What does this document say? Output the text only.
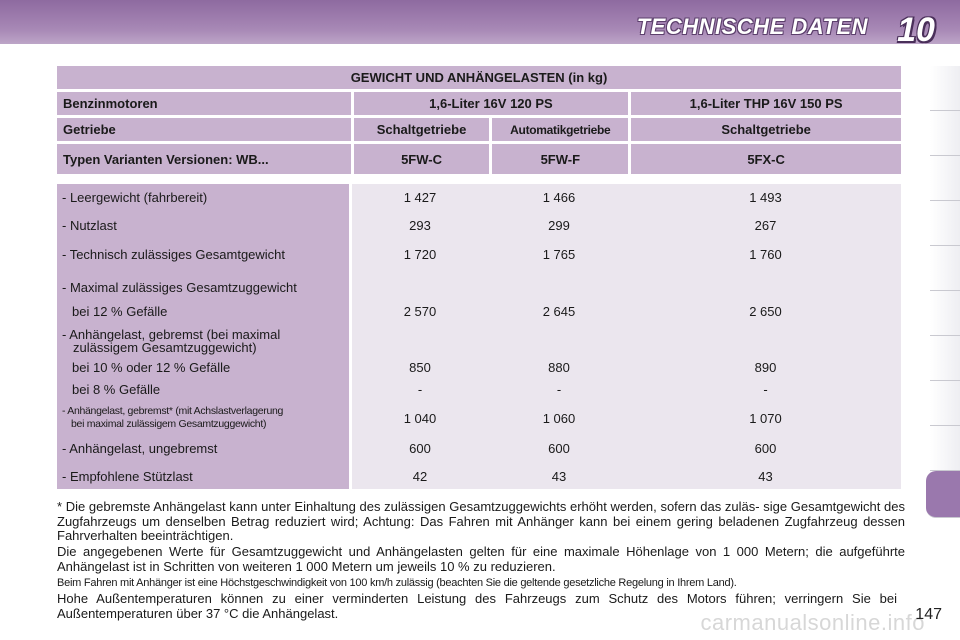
TECHNISCHE DATEN 10
GEWICHT UND ANHÄNGELASTEN (in kg)			
Benzinmotoren	1,6-Liter 16V 120 PS		1,6-Liter THP 16V 150 PS
Getriebe	Schaltgetriebe	Automatikgetriebe	Schaltgetriebe
Typen Varianten Versionen: WB...	5FW-C	5FW-F	5FX-C
- Leergewicht (fahrbereit)	1 427	1 466	1 493
- Nutzlast	293	299	267
- Technisch zulässiges Gesamtgewicht	1 720	1 765	1 760
- Maximal zulässiges Gesamtzuggewicht
bei 12 % Gefälle	2 570	2 645	2 650
- Anhängelast, gebremst (bei maximal
zulässigem Gesamtzuggewicht)
bei 10 % oder 12 % Gefälle	850	880	890
bei 8 % Gefälle	-	-	-
- Anhängelast, gebremst* (mit Achslastverlagerung
bei maximal zulässigem Gesamtzuggewicht)	1 040	1 060	1 070
- Anhängelast, ungebremst	600	600	600
- Empfohlene Stützlast	42	43	43
* Die gebremste Anhängelast kann unter Einhaltung des zulässigen Gesamtzuggewichts erhöht werden, sofern das zuläs- sige Gesamtgewicht des Zugfahrzeugs um denselben Betrag reduziert wird; Achtung: Das Fahren mit Anhänger kann bei einem gering beladenen Zugfahrzeug dessen Fahrverhalten beeinträchtigen.
Die angegebenen Werte für Gesamtzuggewicht und Anhängelasten gelten für eine maximale Höhenlage von 1 000 Metern; die aufgeführte Anhängelast ist in Schritten von weiteren 1 000 Metern um jeweils 10 % zu reduzieren.
Beim Fahren mit Anhänger ist eine Höchstgeschwindigkeit von 100 km/h zulässig (beachten Sie die geltende gesetzliche Regelung in Ihrem Land).
Hohe Außentemperaturen können zu einer verminderten Leistung des Fahrzeugs zum Schutz des Motors führen; verringern Sie bei Außentemperaturen über 37 °C die Anhängelast.	carmanualsonline.info
147
